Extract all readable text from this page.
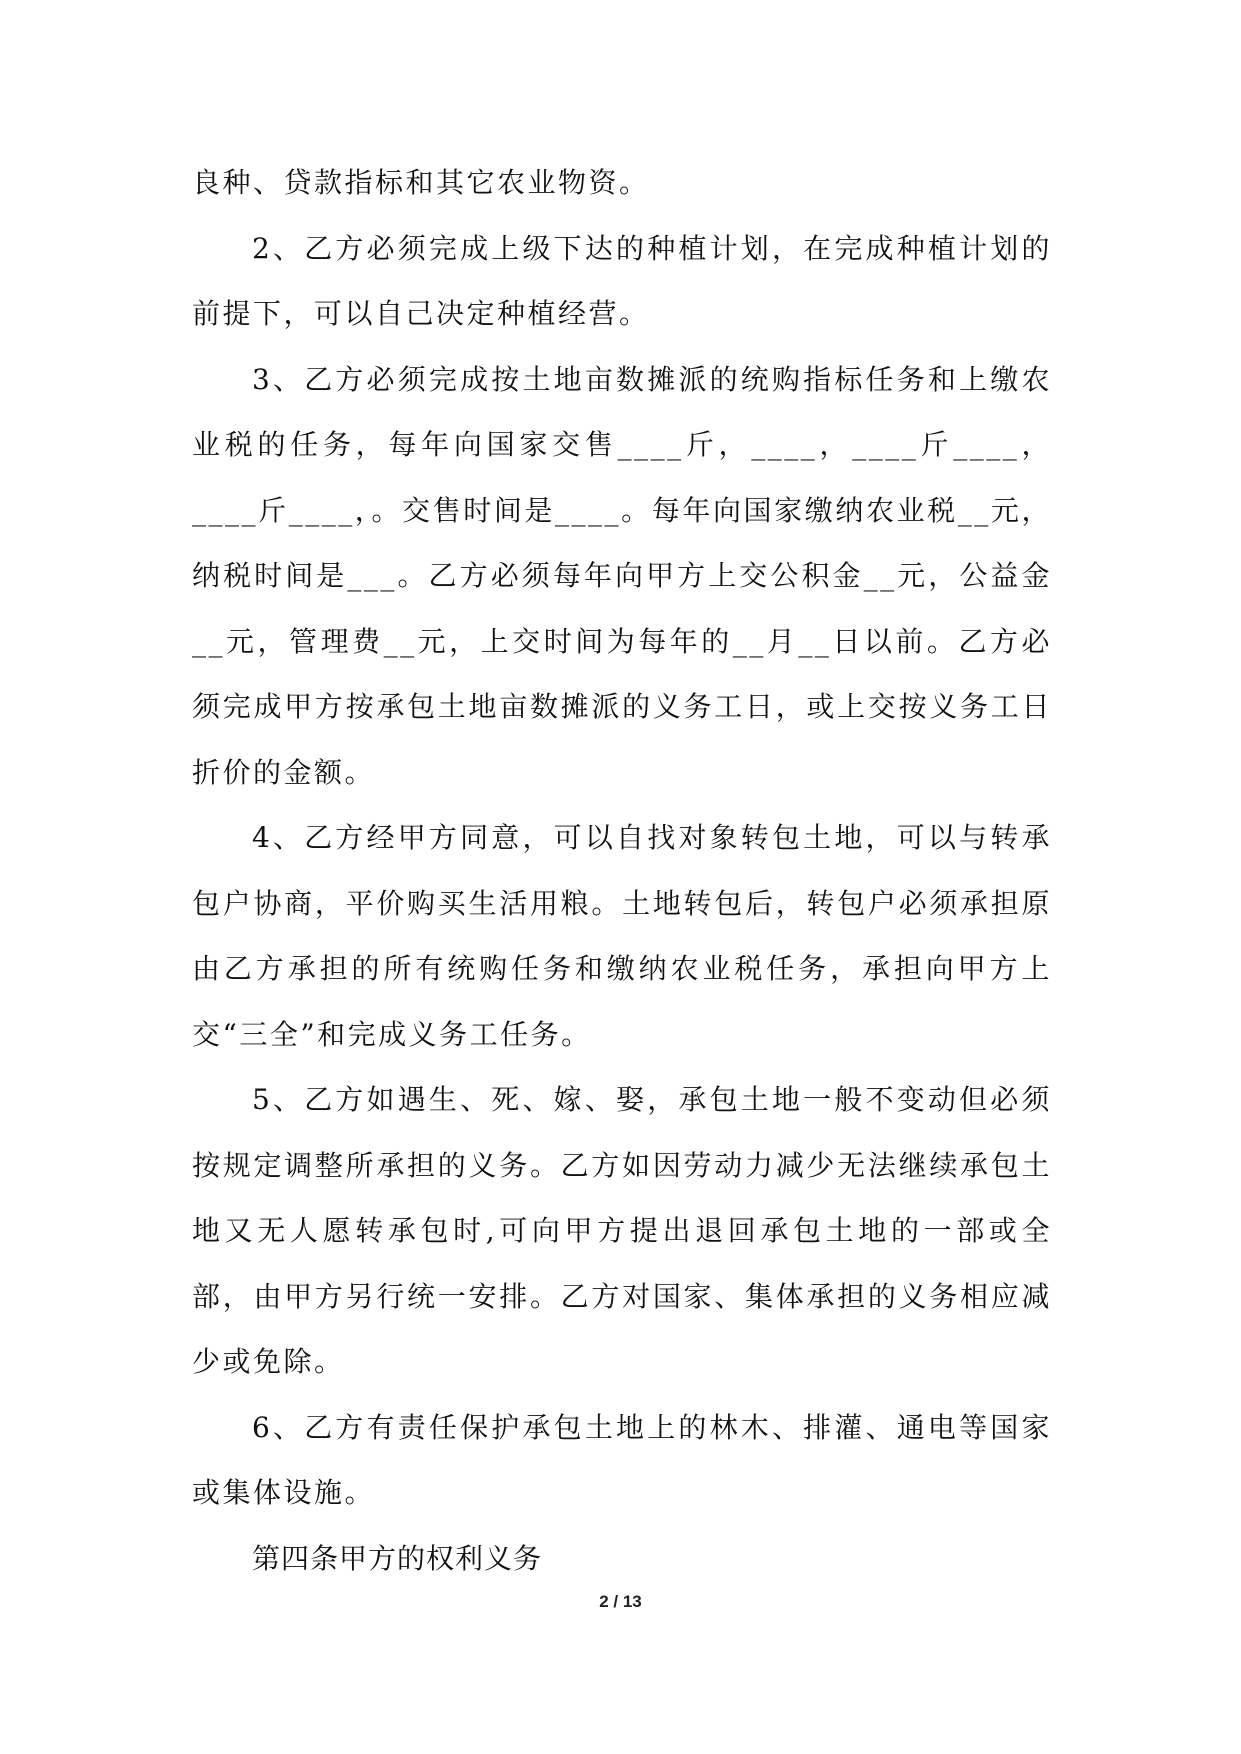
良种、贷款指标和其它农业物资。

2、乙方必须完成上级下达的种植计划，在完成种植计划的前提下，可以自己决定种植经营。

3、乙方必须完成按土地亩数摊派的统购指标任务和上缴农业税的任务，每年向国家交售____斤，____，____斤____，____斤____，。交售时间是____。每年向国家缴纳农业税__元，纳税时间是___。乙方必须每年向甲方上交公积金__元，公益金__元，管理费__元，上交时间为每年的__月__日以前。乙方必须完成甲方按承包土地亩数摊派的义务工日，或上交按义务工日折价的金额。

4、乙方经甲方同意，可以自找对象转包土地，可以与转承包户协商，平价购买生活用粮。土地转包后，转包户必须承担原由乙方承担的所有统购任务和缴纳农业税任务，承担向甲方上交“三全”和完成义务工任务。

5、乙方如遇生、死、嫁、娶，承包土地一般不变动但必须按规定调整所承担的义务。乙方如因劳动力减少无法继续承包土地又无人愿转承包时,可向甲方提出退回承包土地的一部或全部，由甲方另行统一安排。乙方对国家、集体承担的义务相应减少或免除。

6、乙方有责任保护承包土地上的林木、排灌、通电等国家或集体设施。

第四条甲方的权利义务

2 / 13
